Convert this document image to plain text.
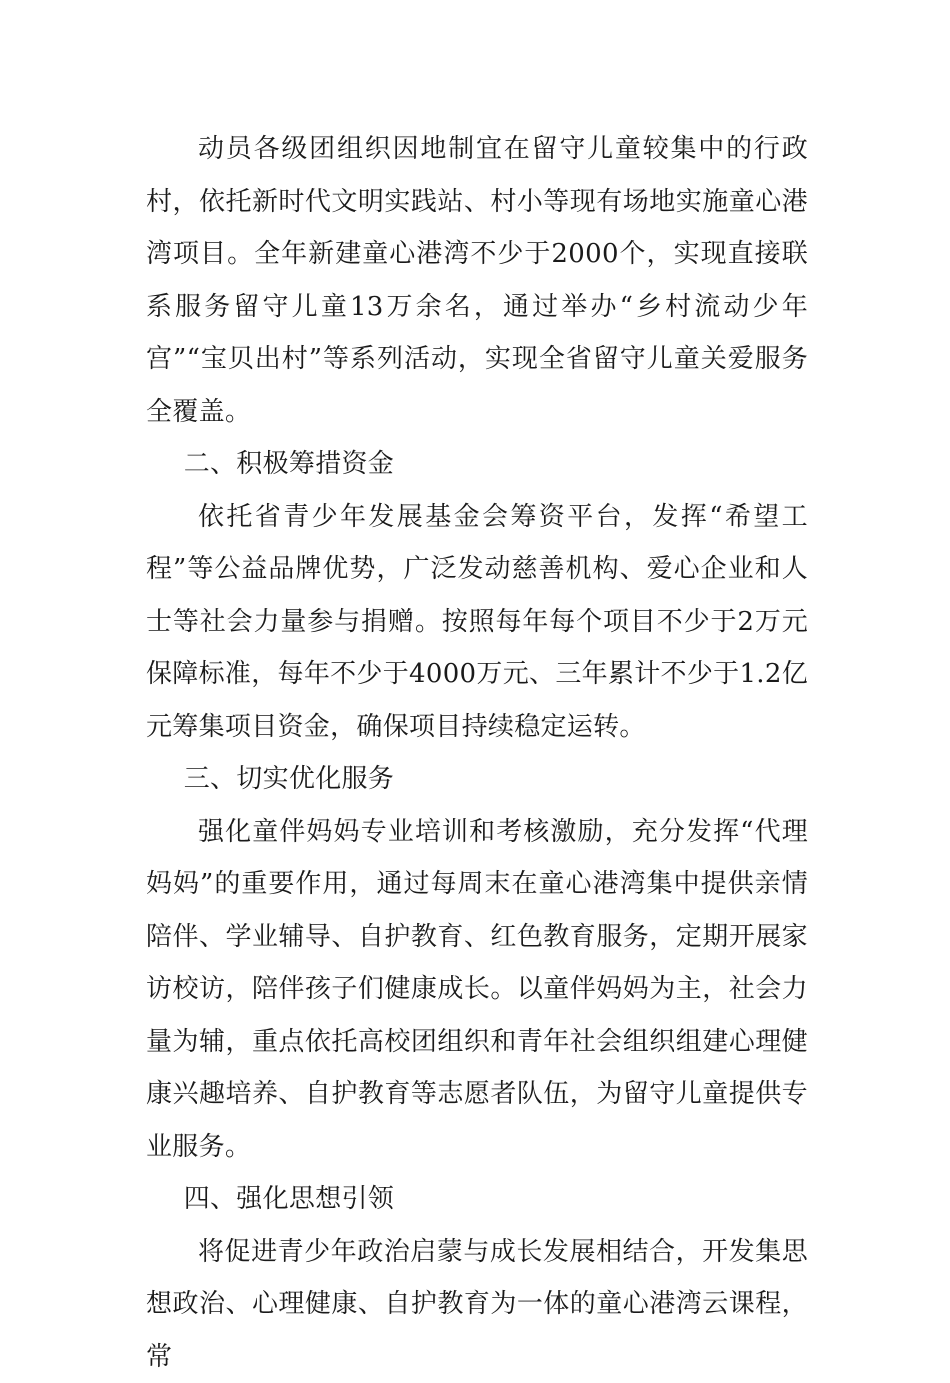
动员各级团组织因地制宜在留守儿童较集中的行政村，依托新时代文明实践站、村小等现有场地实施童心港湾项目。全年新建童心港湾不少于2000个，实现直接联系服务留守儿童13万余名，通过举办“乡村流动少年宫”“宝贝出村”等系列活动，实现全省留守儿童关爱服务全覆盖。

二、积极筹措资金

依托省青少年发展基金会筹资平台，发挥“希望工程”等公益品牌优势，广泛发动慈善机构、爱心企业和人士等社会力量参与捐赠。按照每年每个项目不少于2万元保障标准，每年不少于4000万元、三年累计不少于1.2亿元筹集项目资金，确保项目持续稳定运转。

三、切实优化服务

强化童伴妈妈专业培训和考核激励，充分发挥“代理妈妈”的重要作用，通过每周末在童心港湾集中提供亲情陪伴、学业辅导、自护教育、红色教育服务，定期开展家访校访，陪伴孩子们健康成长。以童伴妈妈为主，社会力量为辅，重点依托高校团组织和青年社会组织组建心理健康兴趣培养、自护教育等志愿者队伍，为留守儿童提供专业服务。

四、强化思想引领

将促进青少年政治启蒙与成长发展相结合，开发集思想政治、心理健康、自护教育为一体的童心港湾云课程，常
